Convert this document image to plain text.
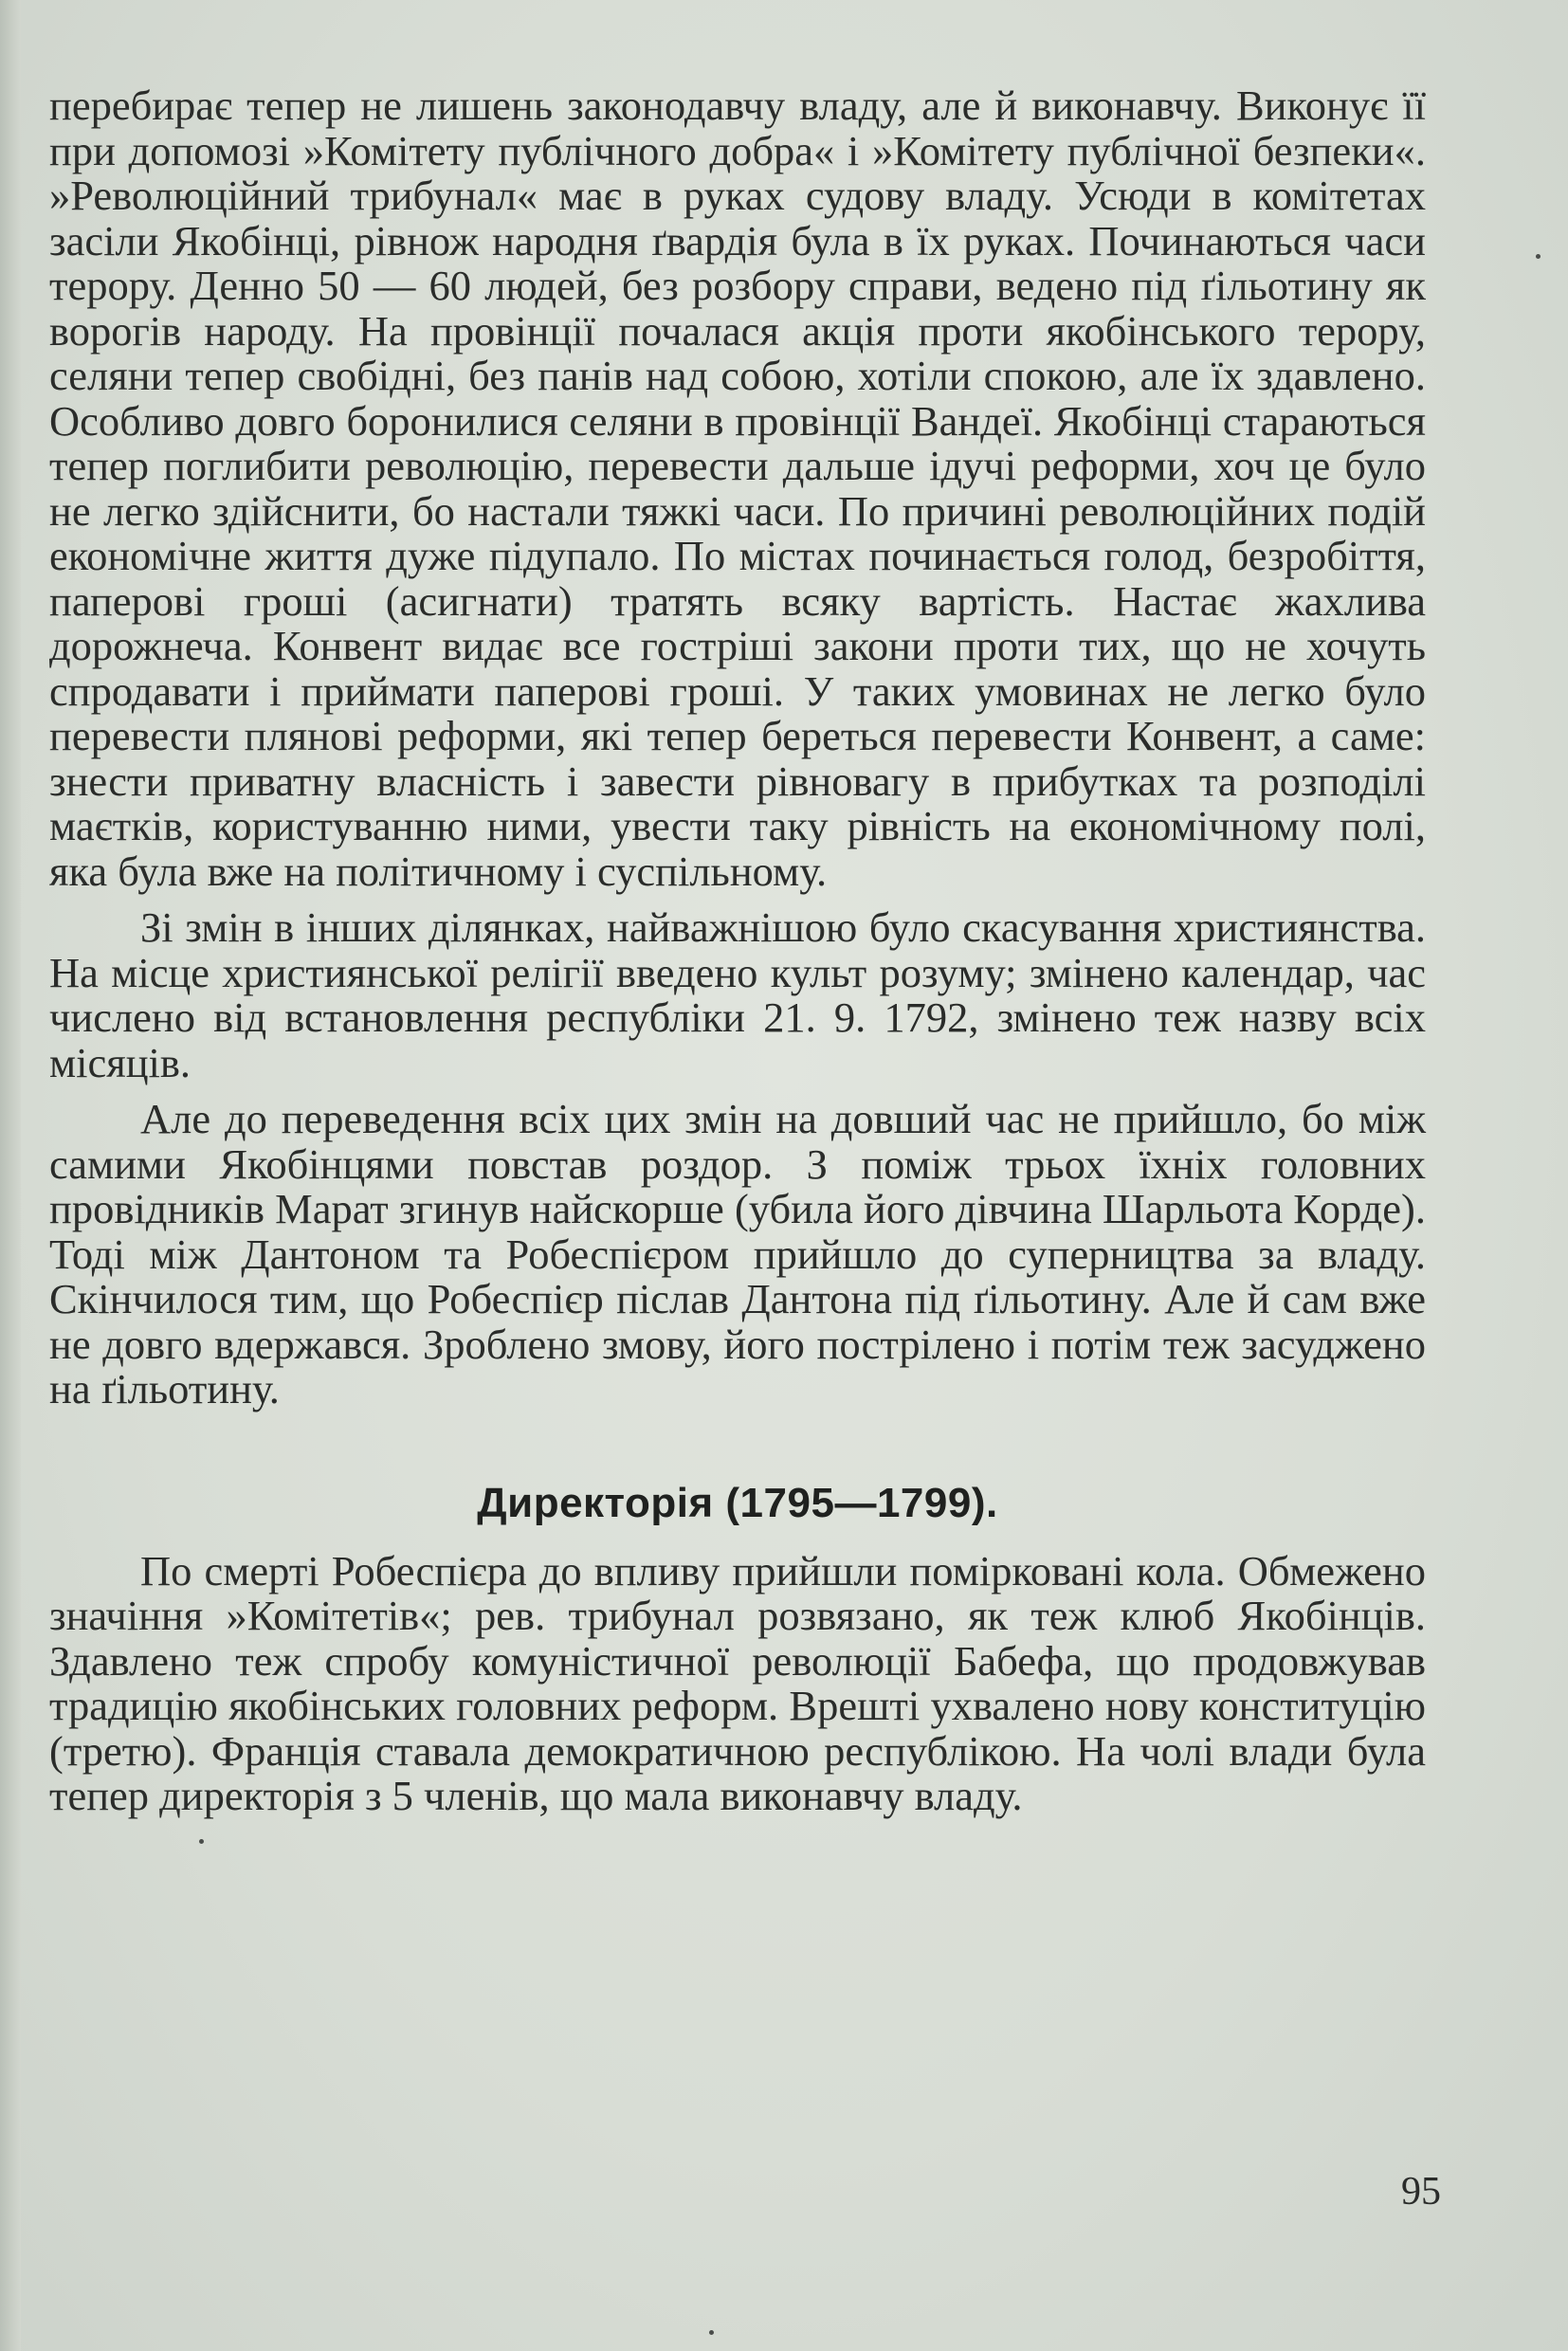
перебирає тепер не лишень законодавчу владу, але й виконавчу. Виконує її при допомозі »Комітету публічного добра« і »Комітету публічної безпеки«. »Революційний трибунал« має в руках судову владу. Усюди в комітетах засіли Якобінці, рівнож народня ґвардія була в їх руках. Починаються часи терору. Денно 50 — 60 людей, без розбору справи, ведено під ґільотину як ворогів народу. На провінції почалася акція проти якобінського терору, селяни тепер свобідні, без панів над собою, хотіли спокою, але їх здавлено. Особливо довго боронилися селяни в провінції Вандеї. Якобінці стараються тепер поглибити революцію, перевести дальше ідучі реформи, хоч це було не легко здійснити, бо настали тяжкі часи. По причині революційних подій економічне життя дуже підупало. По містах починається голод, безробіття, паперові гроші (асигнати) тратять всяку вартість. Настає жахлива дорожнеча. Конвент видає все гостріші закони проти тих, що не хочуть спродавати і приймати паперові гроші. У таких умовинах не легко було перевести плянові реформи, які тепер береться перевести Конвент, а саме: знести приватну власність і завести рівновагу в прибутках та розподілі маєтків, користуванню ними, увести таку рівність на економічному полі, яка була вже на політичному і суспільному.

Зі змін в інших ділянках, найважнішою було скасування християнства. На місце християнської релігії введено культ розуму; змінено календар, час числено від встановлення республіки 21. 9. 1792, змінено теж назву всіх місяців.

Але до переведення всіх цих змін на довший час не прийшло, бо між самими Якобінцями повстав роздор. З поміж трьох їхніх головних провідників Марат згинув найскорше (убила його дівчина Шарльота Корде). Тоді між Дантоном та Робеспієром прийшло до суперництва за владу. Скінчилося тим, що Робеспієр післав Дантона під ґільотину. Але й сам вже не довго вдержався. Зроблено змову, його пострілено і потім теж засуджено на ґільотину.

Директорія (1795—1799).

По смерті Робеспієра до впливу прийшли поміркованi кола. Обмежено значіння »Комітетів«; рев. трибунал розвязано, як теж клюб Якобінців. Здавлено теж спробу комуністичної революції Бабефа, що продовжував традицію якобінських головних реформ. Врешті ухвалено нову конституцію (третю). Франція ставала демократичною республікою. На чолі влади була тепер директорія з 5 членів, що мала виконавчу владу.

95
